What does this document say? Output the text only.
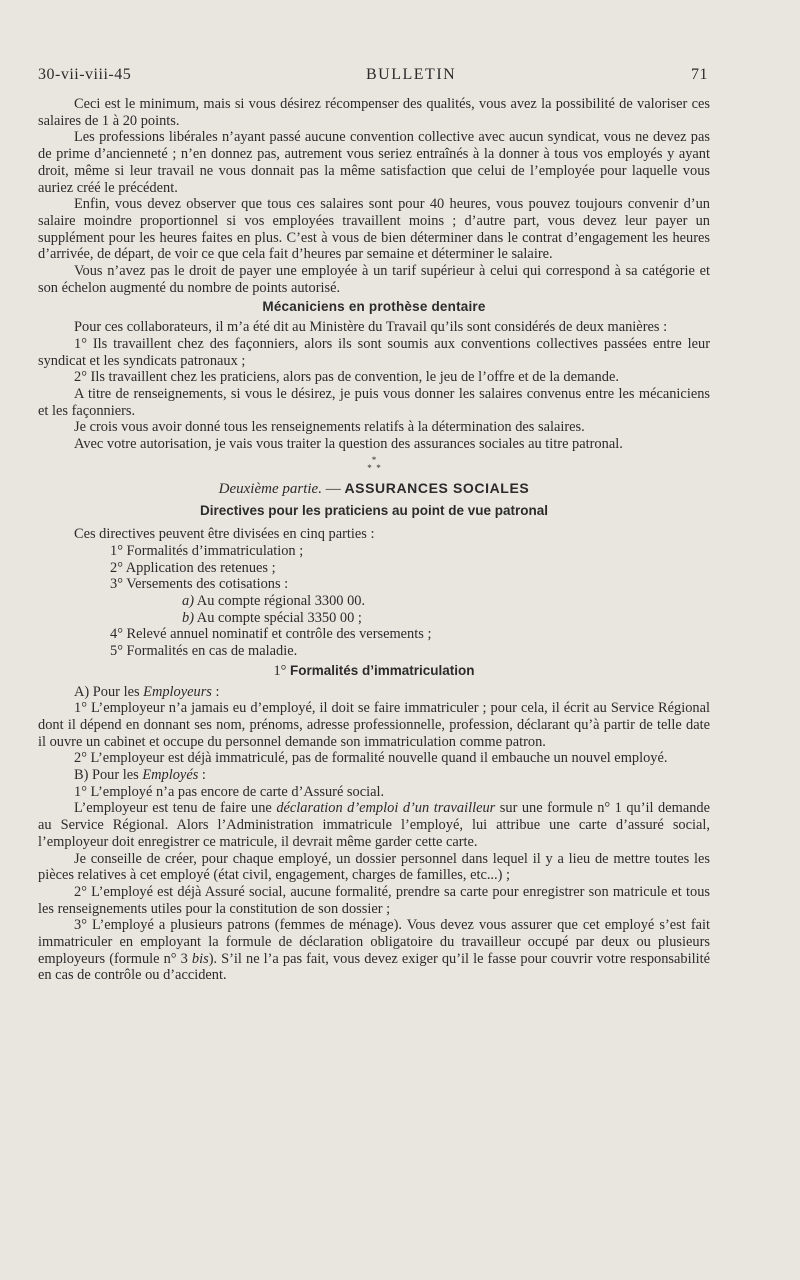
30-vii-viii-45	BULLETIN	71

Ceci est le minimum, mais si vous désirez récompenser des qualités, vous avez la possibilité de valoriser ces salaires de 1 à 20 points.

Les professions libérales n’ayant passé aucune convention collective avec aucun syndicat, vous ne devez pas de prime d’ancienneté ; n’en donnez pas, autrement vous seriez entraînés à la donner à tous vos employés y ayant droit, même si leur travail ne vous donnait pas la même satisfaction que celui de l’employée pour laquelle vous auriez créé le précédent.

Enfin, vous devez observer que tous ces salaires sont pour 40 heures, vous pouvez toujours convenir d’un salaire moindre proportionnel si vos employées travaillent moins ; d’autre part, vous devez leur payer un supplément pour les heures faites en plus. C’est à vous de bien déterminer dans le contrat d’engagement les heures d’arrivée, de départ, de voir ce que cela fait d’heures par semaine et déterminer le salaire.

Vous n’avez pas le droit de payer une employée à un tarif supérieur à celui qui correspond à sa catégorie et son échelon augmenté du nombre de points autorisé.

Mécaniciens en prothèse dentaire

Pour ces collaborateurs, il m’a été dit au Ministère du Travail qu’ils sont considérés de deux manières :

1° Ils travaillent chez des façonniers, alors ils sont soumis aux conventions collectives passées entre leur syndicat et les syndicats patronaux ;

2° Ils travaillent chez les praticiens, alors pas de convention, le jeu de l’offre et de la demande.

A titre de renseignements, si vous le désirez, je puis vous donner les salaires convenus entre les mécaniciens et les façonniers.

Je crois vous avoir donné tous les renseignements relatifs à la détermination des salaires.

Avec votre autorisation, je vais vous traiter la question des assurances sociales au titre patronal.

*
*  *
Deuxième partie. — ASSURANCES SOCIALES
Directives pour les praticiens au point de vue patronal

Ces directives peuvent être divisées en cinq parties :

1° Formalités d’immatriculation ;

2° Application des retenues ;

3° Versements des cotisations :

a) Au compte régional 3300 00.

b) Au compte spécial 3350 00 ;

4° Relevé annuel nominatif et contrôle des versements ;

5° Formalités en cas de maladie.

1° Formalités d’immatriculation

A) Pour les Employeurs :

1° L’employeur n’a jamais eu d’employé, il doit se faire immatriculer ; pour cela, il écrit au Service Régional dont il dépend en donnant ses nom, prénoms, adresse professionnelle, profession, déclarant qu’à partir de telle date il ouvre un cabinet et occupe du personnel demande son immatriculation comme patron.

2° L’employeur est déjà immatriculé, pas de formalité nouvelle quand il embauche un nouvel employé.

B) Pour les Employés :

1° L’employé n’a pas encore de carte d’Assuré social.

L’employeur est tenu de faire une déclaration d’emploi d’un travailleur sur une formule n° 1 qu’il demande au Service Régional. Alors l’Administration immatricule l’employé, lui attribue une carte d’assuré social, l’employeur doit enregistrer ce matricule, il devrait même garder cette carte.

Je conseille de créer, pour chaque employé, un dossier personnel dans lequel il y a lieu de mettre toutes les pièces relatives à cet employé (état civil, engagement, charges de familles, etc...) ;

2° L’employé est déjà Assuré social, aucune formalité, prendre sa carte pour enregistrer son matricule et tous les renseignements utiles pour la constitution de son dossier ;

3° L’employé a plusieurs patrons (femmes de ménage). Vous devez vous assurer que cet employé s’est fait immatriculer en employant la formule de déclaration obligatoire du travailleur occupé par deux ou plusieurs employeurs (formule n° 3 bis). S’il ne l’a pas fait, vous devez exiger qu’il le fasse pour couvrir votre responsabilité en cas de contrôle ou d’accident.
